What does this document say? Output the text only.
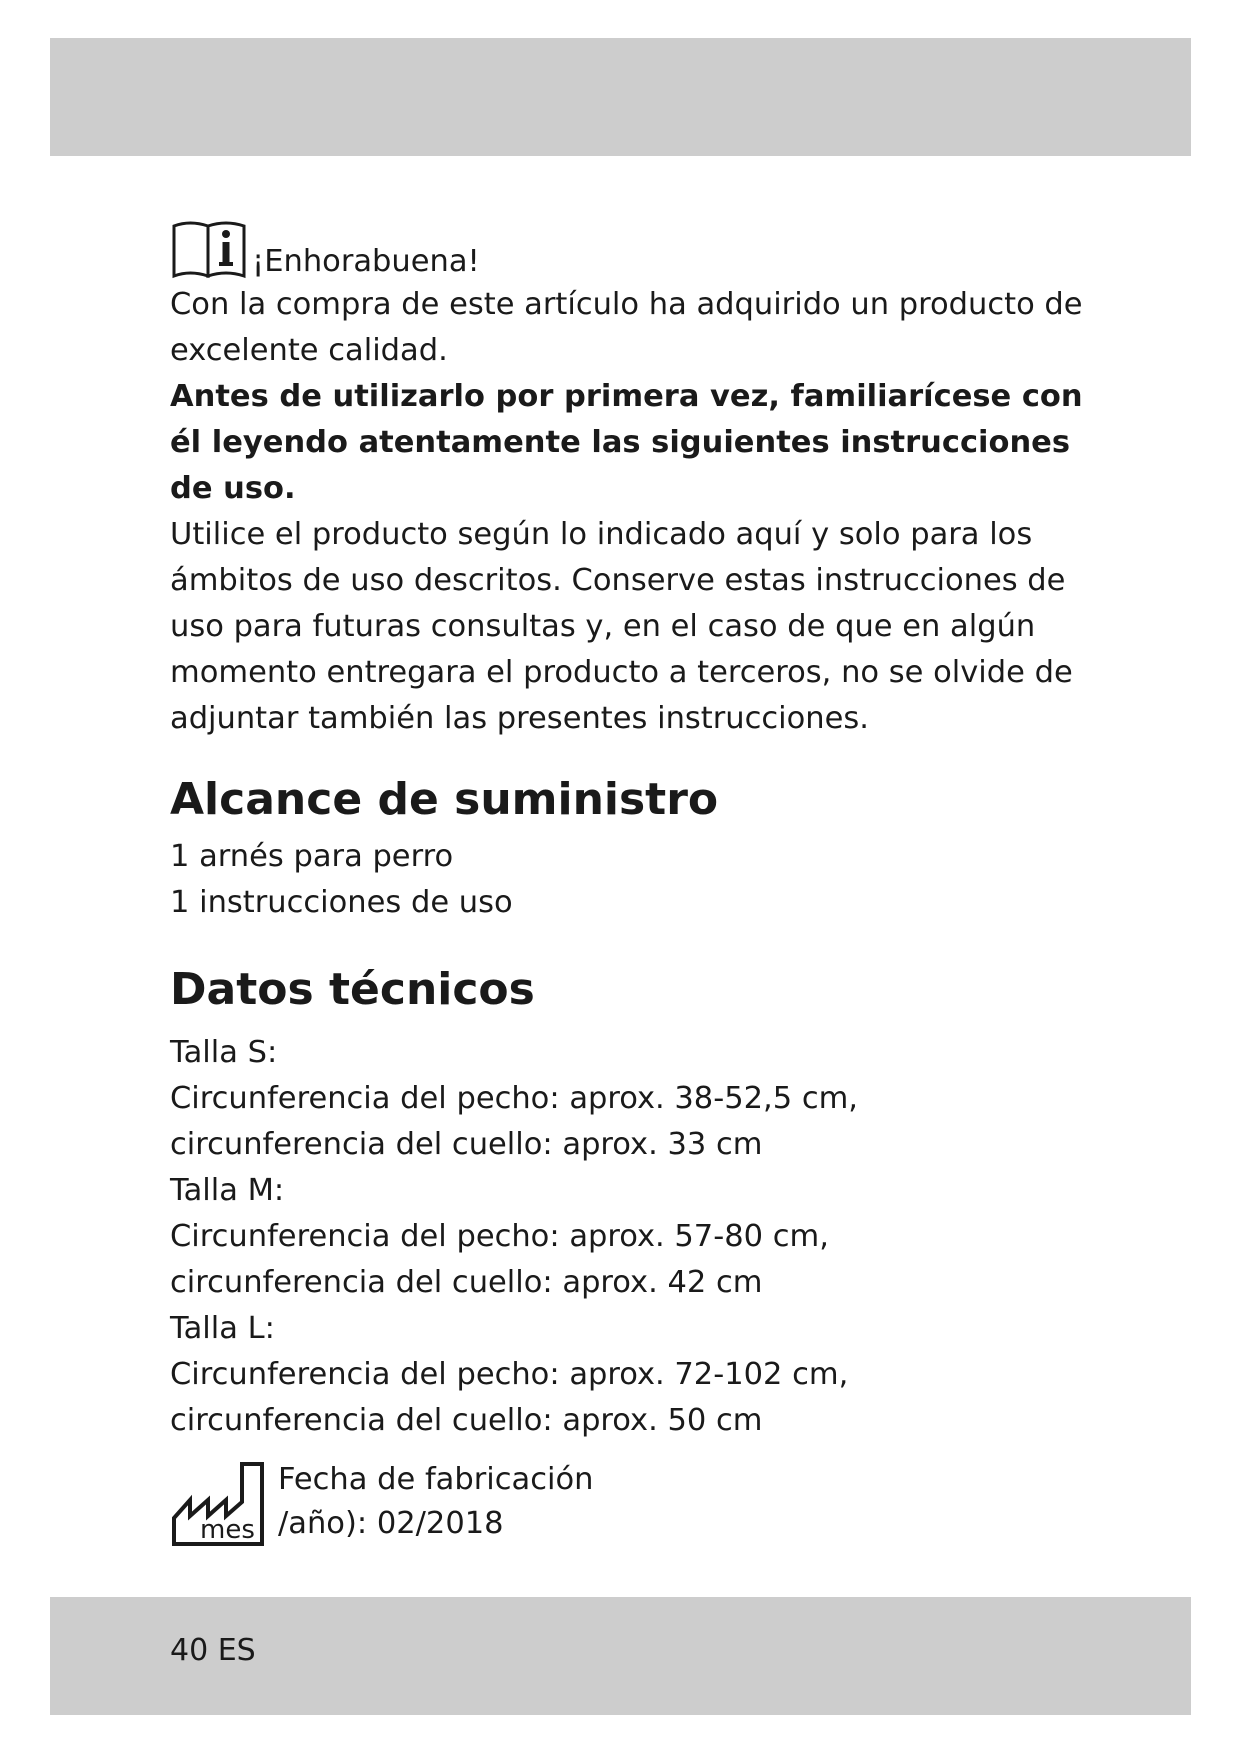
¡Enhorabuena!

Con la compra de este artículo ha adquirido un producto de excelente calidad.

Antes de utilizarlo por primera vez, familiarícese con él leyendo atentamente las siguientes instrucciones de uso.

Utilice el producto según lo indicado aquí y solo para los ámbitos de uso descritos. Conserve estas instrucciones de uso para futuras consultas y, en el caso de que en algún momento entregara el producto a terceros, no se olvide de adjuntar también las presentes instrucciones.

Alcance de suministro

1 arnés para perro

1 instrucciones de uso

Datos técnicos

Talla S:

Circunferencia del pecho: aprox. 38-52,5 cm,

circunferencia del cuello: aprox. 33 cm

Talla M:

Circunferencia del pecho: aprox. 57-80 cm,

circunferencia del cuello: aprox. 42 cm

Talla L:

Circunferencia del pecho: aprox. 72-102 cm,

circunferencia del cuello: aprox. 50 cm

mes
Fecha de fabricación
/año): 02/2018
40 ES
